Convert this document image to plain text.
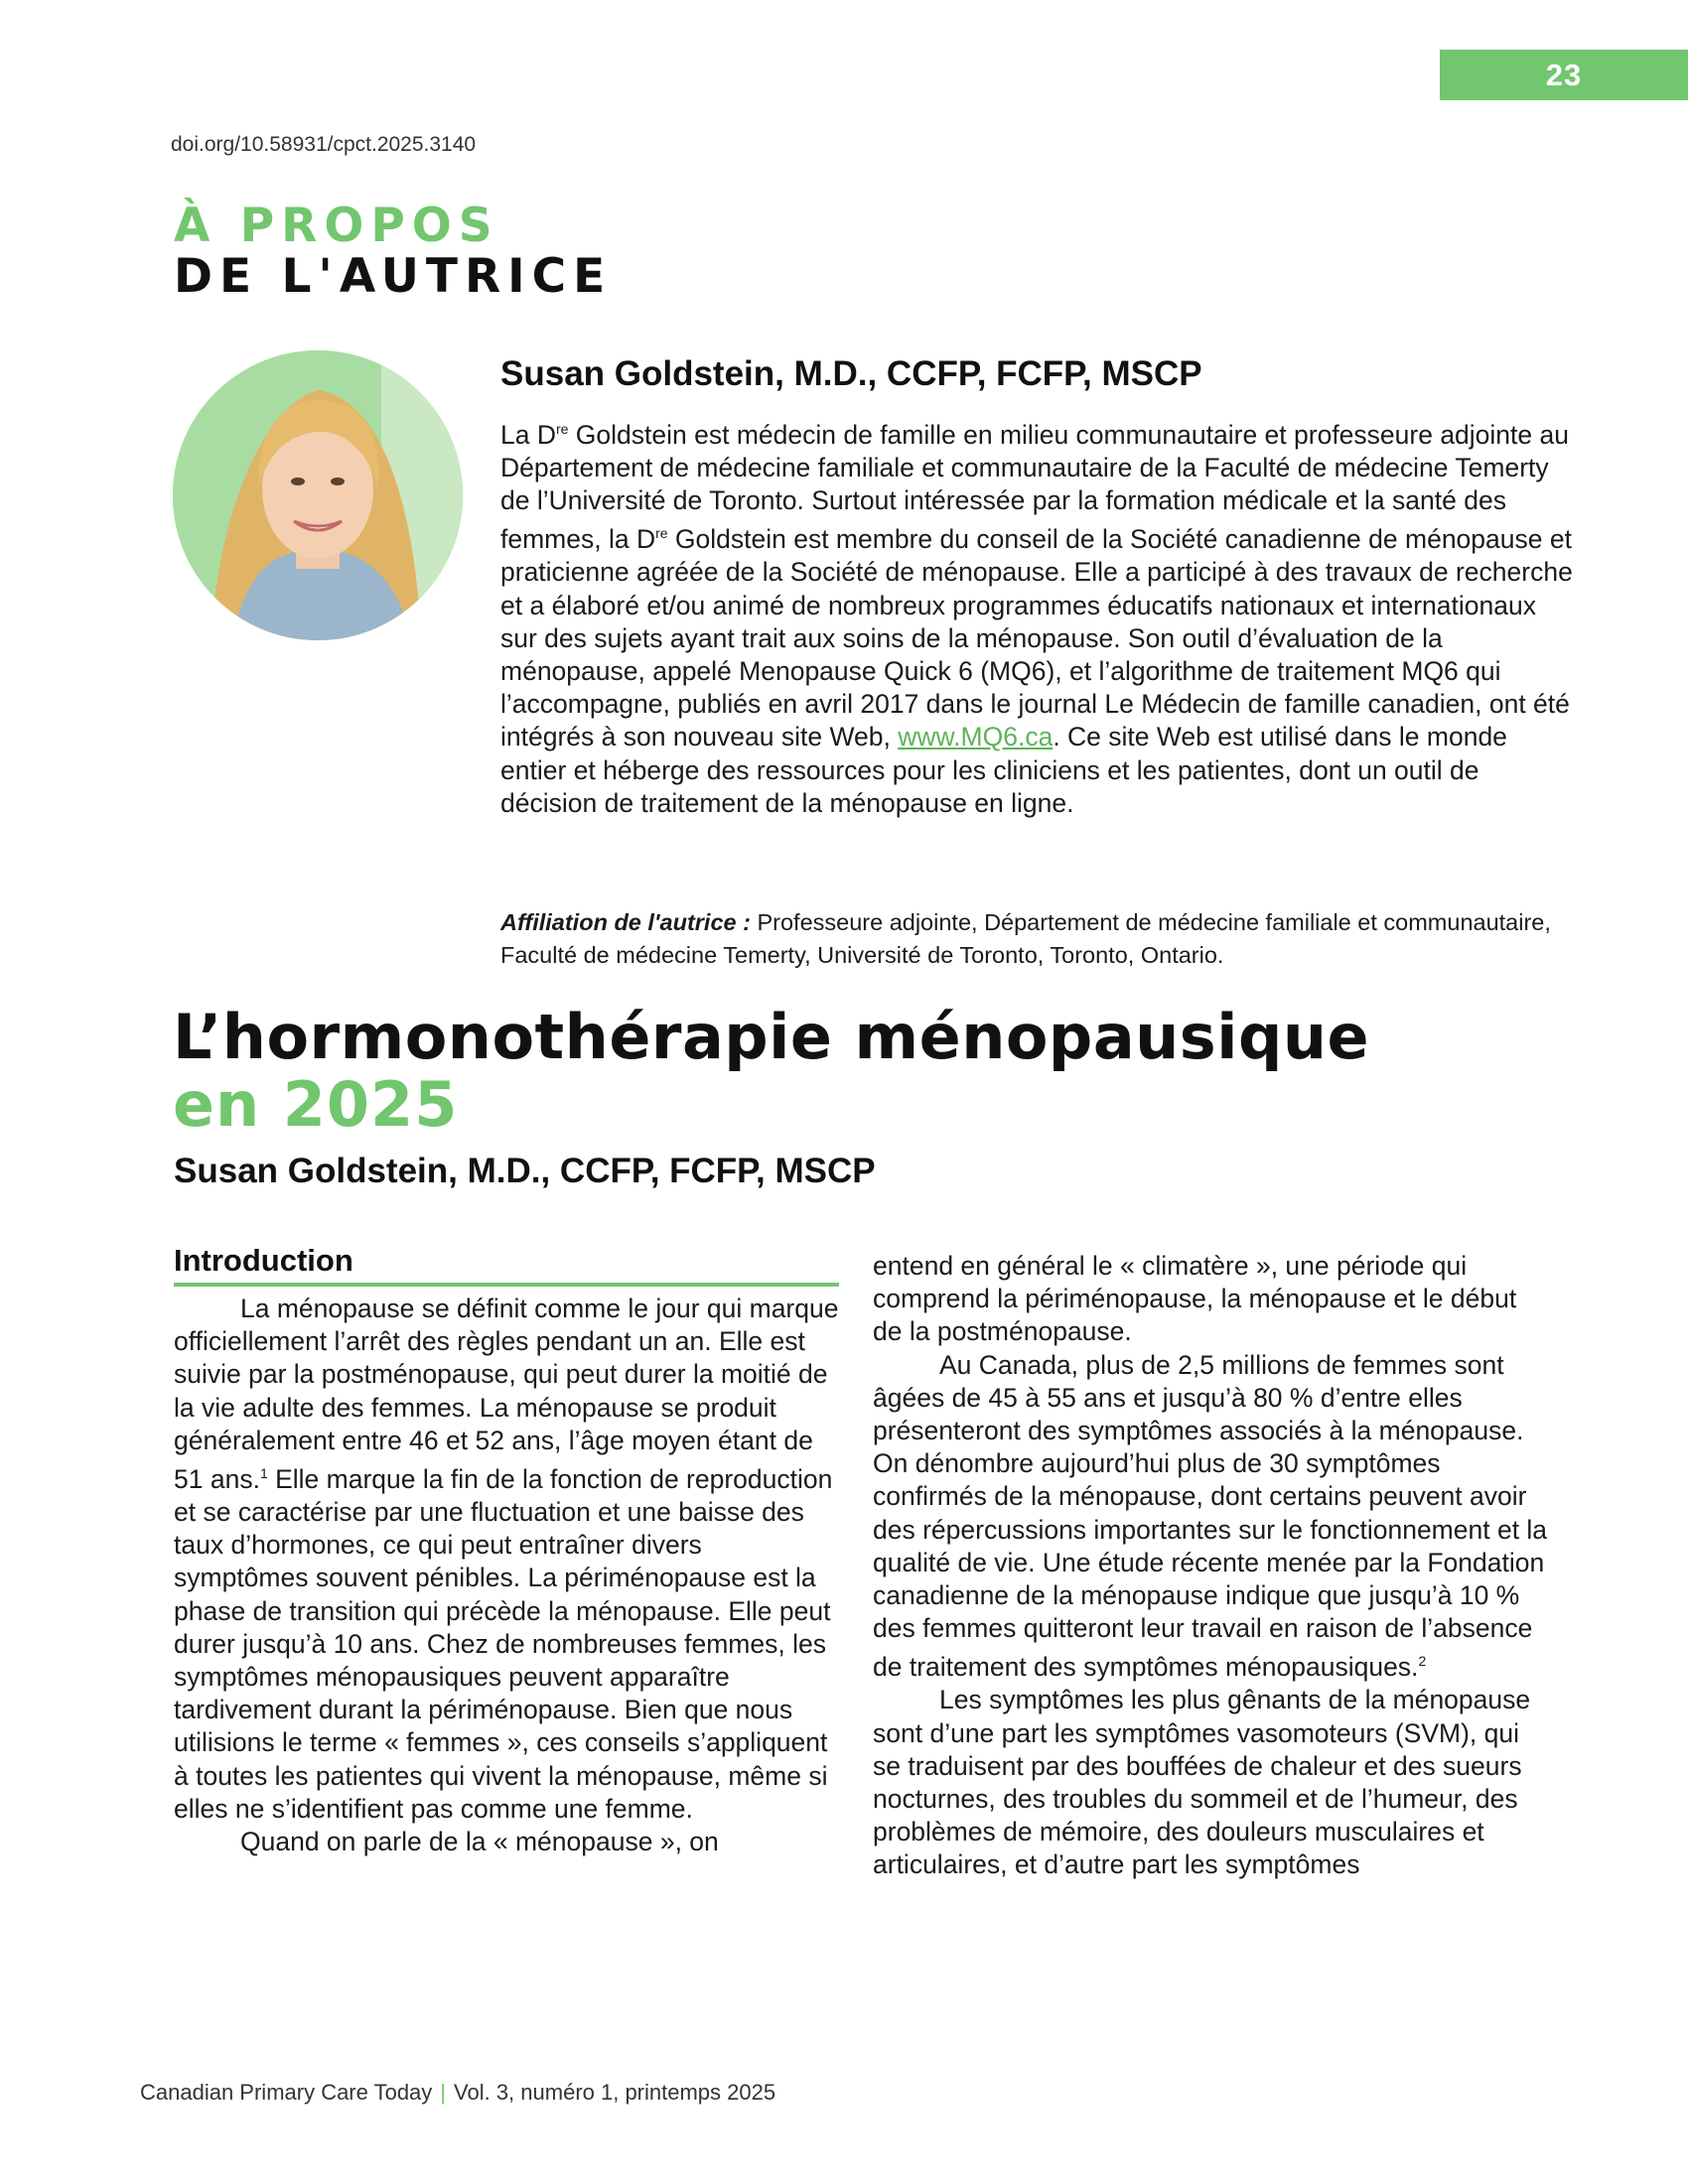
23
doi.org/10.58931/cpct.2025.3140
À PROPOS
DE L'AUTRICE
Susan Goldstein, M.D., CCFP, FCFP, MSCP
La Dre Goldstein est médecin de famille en milieu communautaire et professeure adjointe au Département de médecine familiale et communautaire de la Faculté de médecine Temerty de l’Université de Toronto. Surtout intéressée par la formation médicale et la santé des femmes, la Dre Goldstein est membre du conseil de la Société canadienne de ménopause et praticienne agréée de la Société de ménopause. Elle a participé à des travaux de recherche et a élaboré et/ou animé de nombreux programmes éducatifs nationaux et internationaux sur des sujets ayant trait aux soins de la ménopause. Son outil d’évaluation de la ménopause, appelé Menopause Quick 6 (MQ6), et l’algorithme de traitement MQ6 qui l’accompagne, publiés en avril 2017 dans le journal Le Médecin de famille canadien, ont été intégrés à son nouveau site Web, www.MQ6.ca. Ce site Web est utilisé dans le monde entier et héberge des ressources pour les cliniciens et les patientes, dont un outil de décision de traitement de la ménopause en ligne.
Affiliation de l'autrice : Professeure adjointe, Département de médecine familiale et communautaire, Faculté de médecine Temerty, Université de Toronto, Toronto, Ontario.
L’hormonothérapie ménopausique
en 2025
Susan Goldstein, M.D., CCFP, FCFP, MSCP
Introduction

La ménopause se définit comme le jour qui marque officiellement l’arrêt des règles pendant un an. Elle est suivie par la postménopause, qui peut durer la moitié de la vie adulte des femmes. La ménopause se produit généralement entre 46 et 52 ans, l’âge moyen étant de 51 ans.$^1$ Elle marque la fin de la fonction de reproduction et se caractérise par une fluctuation et une baisse des taux d’hormones, ce qui peut entraîner divers symptômes souvent pénibles. La périménopause est la phase de transition qui précède la ménopause. Elle peut durer jusqu’à 10 ans. Chez de nombreuses femmes, les symptômes ménopausiques peuvent apparaître tardivement durant la périménopause. Bien que nous utilisions le terme « femmes », ces conseils s’appliquent à toutes les patientes qui vivent la ménopause, même si elles ne s’identifient pas comme une femme.

Quand on parle de la « ménopause », on

entend en général le « climatère », une période qui comprend la périménopause, la ménopause et le début de la postménopause.

Au Canada, plus de 2,5 millions de femmes sont âgées de 45 à 55 ans et jusqu’à 80 % d’entre elles présenteront des symptômes associés à la ménopause. On dénombre aujourd’hui plus de 30 symptômes confirmés de la ménopause, dont certains peuvent avoir des répercussions importantes sur le fonctionnement et la qualité de vie. Une étude récente menée par la Fondation canadienne de la ménopause indique que jusqu’à 10 % des femmes quitteront leur travail en raison de l’absence de traitement des symptômes ménopausiques.$^2$

Les symptômes les plus gênants de la ménopause sont d’une part les symptômes vasomoteurs (SVM), qui se traduisent par des bouffées de chaleur et des sueurs nocturnes, des troubles du sommeil et de l’humeur, des problèmes de mémoire, des douleurs musculaires et articulaires, et d’autre part les symptômes

Canadian Primary Care Today | Vol. 3, numéro 1, printemps 2025
